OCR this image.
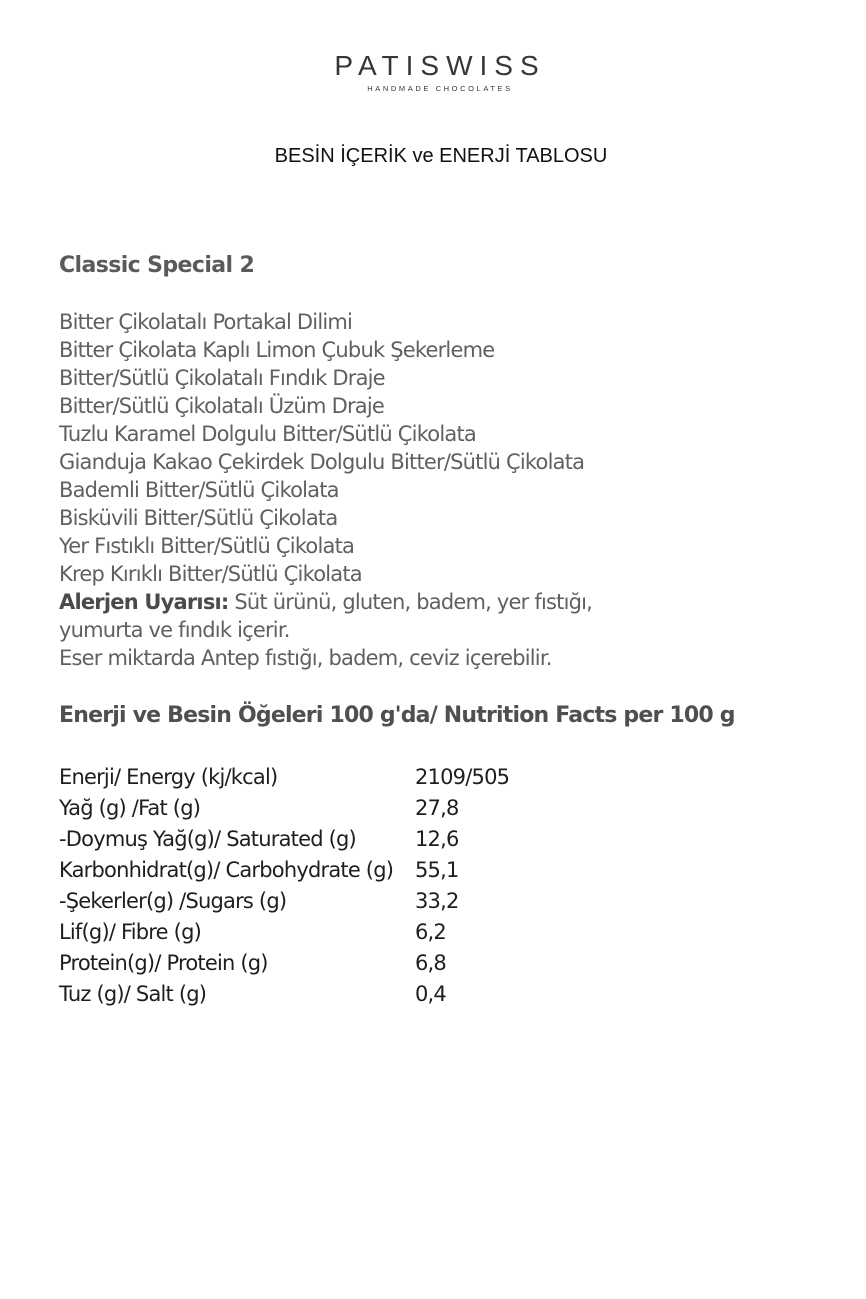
PATISWISS
HANDMADE CHOCOLATES
BESİN İÇERİK ve ENERJİ TABLOSU
Classic Special 2
Bitter Çikolatalı Portakal Dilimi
Bitter Çikolata Kaplı Limon Çubuk Şekerleme
Bitter/Sütlü Çikolatalı Fındık Draje
Bitter/Sütlü Çikolatalı Üzüm Draje
Tuzlu Karamel Dolgulu Bitter/Sütlü Çikolata
Gianduja Kakao Çekirdek Dolgulu Bitter/Sütlü Çikolata
Bademli Bitter/Sütlü Çikolata
Bisküvili Bitter/Sütlü Çikolata
Yer Fıstıklı Bitter/Sütlü Çikolata
Krep Kırıklı Bitter/Sütlü Çikolata
Alerjen Uyarısı: Süt ürünü, gluten, badem, yer fıstığı,
yumurta ve fındık içerir.
Eser miktarda Antep fıstığı, badem, ceviz içerebilir.
Enerji ve Besin Öğeleri 100 g'da/ Nutrition Facts per 100 g
Enerji/ Energy (kj/kcal)	2109/505
Yağ (g) /Fat (g)	27,8
-Doymuş Yağ(g)/ Saturated (g)	12,6
Karbonhidrat(g)/ Carbohydrate (g)	55,1
-Şekerler(g) /Sugars (g)	33,2
Lif(g)/ Fibre (g)	6,2
Protein(g)/ Protein (g)	6,8
Tuz (g)/ Salt (g)	0,4
